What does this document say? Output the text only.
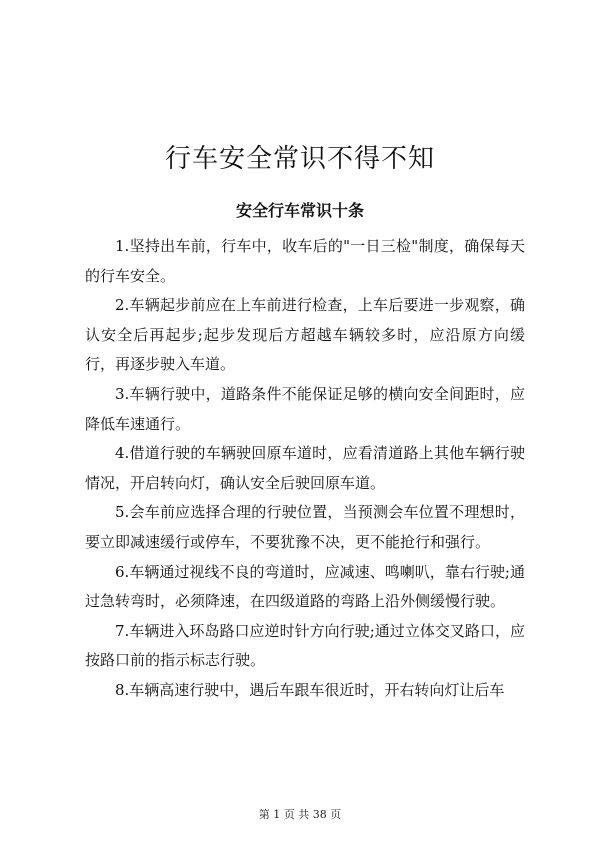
行车安全常识不得不知
安全行车常识十条

1.坚持出车前，行车中，收车后的"一日三检"制度，确保每天的行车安全。

2.车辆起步前应在上车前进行检查，上车后要进一步观察，确认安全后再起步;起步发现后方超越车辆较多时，应沿原方向缓行，再逐步驶入车道。

3.车辆行驶中，道路条件不能保证足够的横向安全间距时，应降低车速通行。

4.借道行驶的车辆驶回原车道时，应看清道路上其他车辆行驶情况，开启转向灯，确认安全后驶回原车道。

5.会车前应选择合理的行驶位置，当预测会车位置不理想时，要立即减速缓行或停车，不要犹豫不决，更不能抢行和强行。

6.车辆通过视线不良的弯道时，应减速、鸣喇叭，靠右行驶;通过急转弯时，必须降速，在四级道路的弯路上沿外侧缓慢行驶。

7.车辆进入环岛路口应逆时针方向行驶;通过立体交叉路口，应按路口前的指示标志行驶。

8.车辆高速行驶中，遇后车跟车很近时，开右转向灯让后车

第 1 页 共 38 页
